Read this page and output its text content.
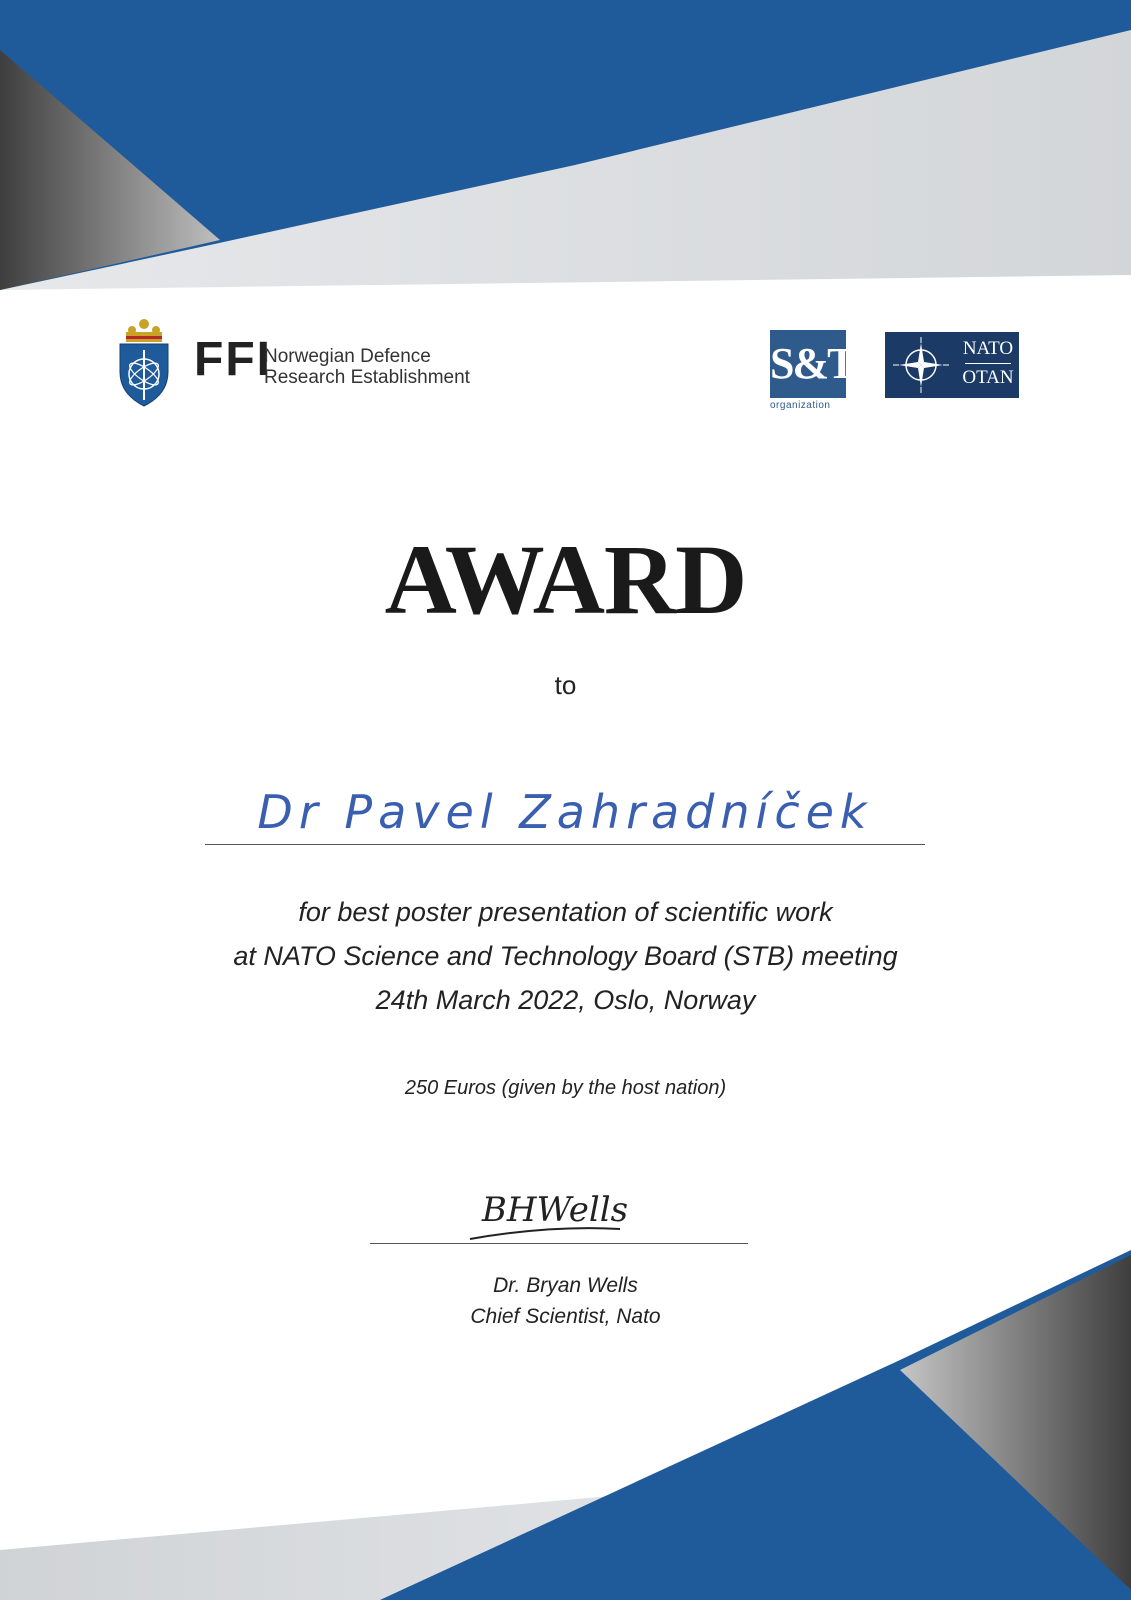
FFI
Norwegian Defence
Research Establishment	S&T
organization
NATO
OTAN
AWARD
to
Dr Pavel Zahradníček
for best poster presentation of scientific work
at NATO Science and Technology Board (STB) meeting
24th March 2022, Oslo, Norway
250 Euros (given by the host nation)
BHWells
Dr. Bryan Wells
Chief Scientist, Nato
